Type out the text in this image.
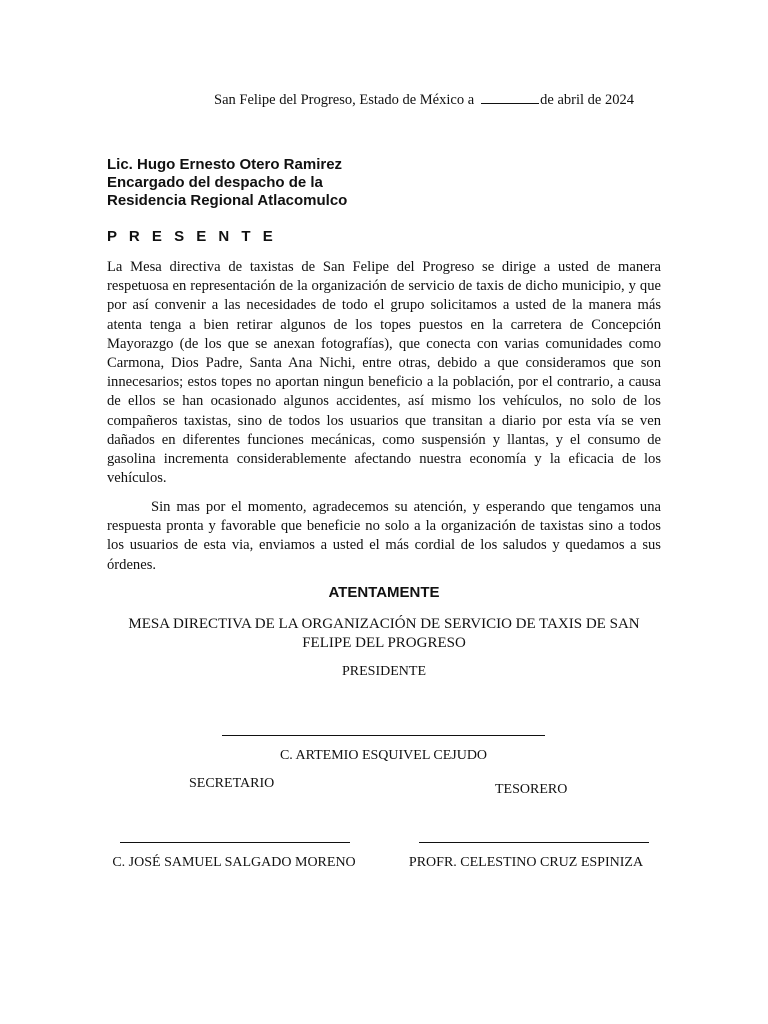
San Felipe del Progreso, Estado de México a	de abril de 2024
Lic. Hugo Ernesto Otero Ramirez
Encargado del despacho de la
Residencia Regional Atlacomulco
P R E S E N T E

La Mesa directiva de taxistas de San Felipe del Progreso se dirige a usted de manera respetuosa en representación de la organización de servicio de taxis de dicho municipio, y que por así convenir a las necesidades de todo el grupo solicitamos a usted de la manera más atenta tenga a bien retirar algunos de los topes puestos en la carretera de Concepción Mayorazgo (de los que se anexan fotografías), que conecta con varias comunidades como Carmona, Dios Padre, Santa Ana Nichi, entre otras, debido a que consideramos que son innecesarios; estos topes no aportan ningun beneficio a la población, por el contrario, a causa de ellos se han ocasionado algunos accidentes, así mismo los vehículos, no solo de los compañeros taxistas, sino de todos los usuarios que transitan a diario por esta vía se ven dañados en diferentes funciones mecánicas, como suspensión y llantas, y el consumo de gasolina incrementa considerablemente afectando nuestra economía y la eficacia de los vehículos.

Sin mas por el momento, agradecemos su atención, y esperando que tengamos una respuesta pronta y favorable que beneficie no solo a la organización de taxistas sino a todos los usuarios de esta via, enviamos a usted el más cordial de los saludos y quedamos a sus órdenes.

ATENTAMENTE
MESA DIRECTIVA DE LA ORGANIZACIÓN DE SERVICIO DE TAXIS DE SAN FELIPE DEL PROGRESO
PRESIDENTE
C. ARTEMIO ESQUIVEL CEJUDO
SECRETARIO	TESORERO
C. JOSÉ SAMUEL SALGADO MORENO	PROFR. CELESTINO CRUZ ESPINIZA
